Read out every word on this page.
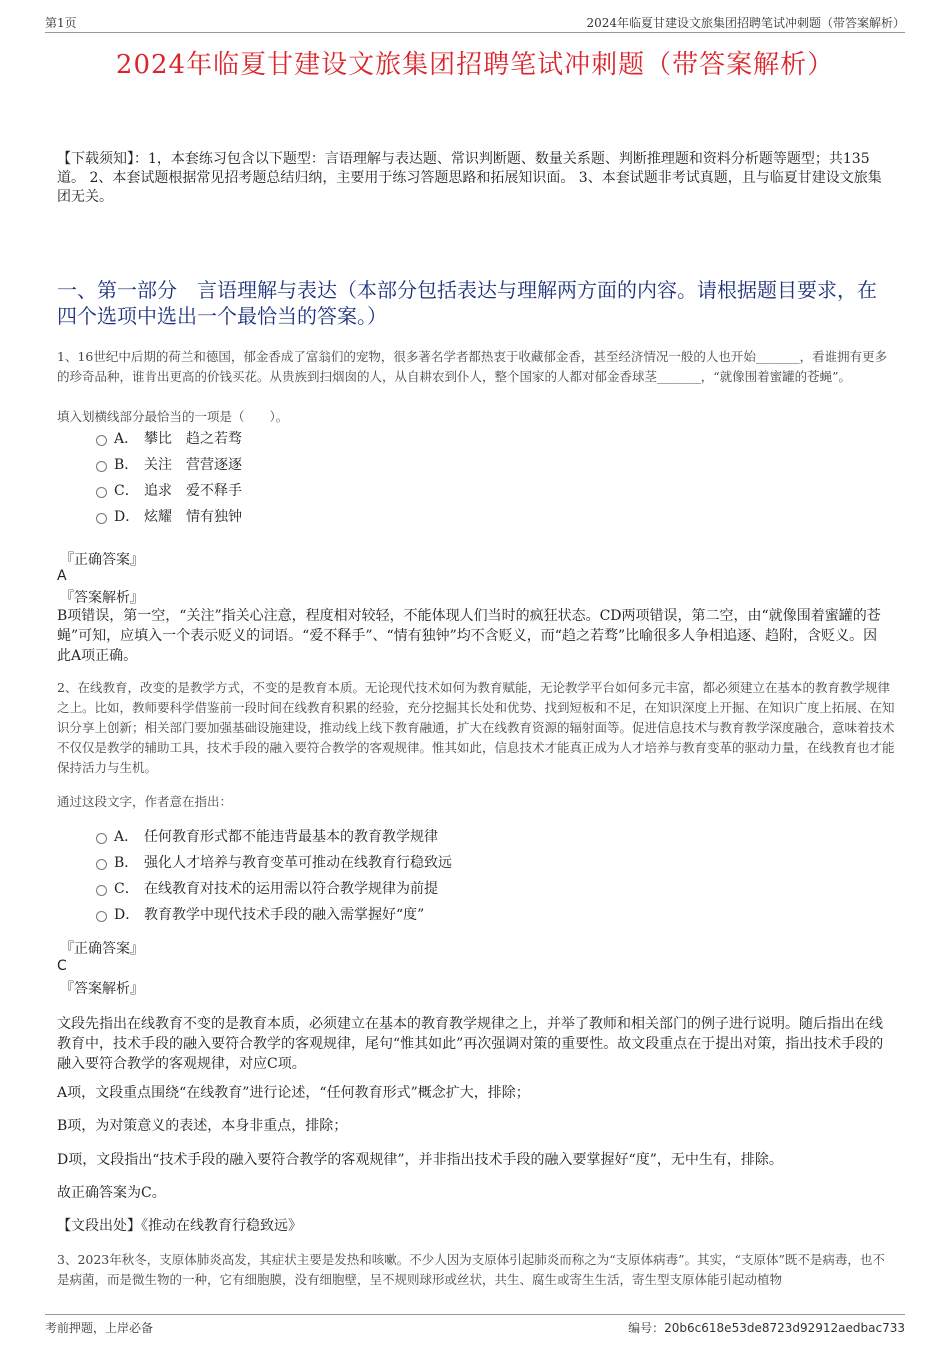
第1页	2024年临夏甘建设文旅集团招聘笔试冲刺题（带答案解析）
2024年临夏甘建设文旅集团招聘笔试冲刺题（带答案解析）
【下载须知】：1，本套练习包含以下题型：言语理解与表达题、常识判断题、数量关系题、判断推理题和资料分析题等题型；共135道。 2、本套试题根据常见招考题总结归纳，主要用于练习答题思路和拓展知识面。 3、本套试题非考试真题，且与临夏甘建设文旅集团无关。
一、第一部分　言语理解与表达（本部分包括表达与理解两方面的内容。请根据题目要求，在四个选项中选出一个最恰当的答案。）
1、16世纪中后期的荷兰和德国，郁金香成了富翁们的宠物，很多著名学者都热衷于收藏郁金香，甚至经济情况一般的人也开始_______，看谁拥有更多的珍奇品种，谁肯出更高的价钱买花。从贵族到扫烟囱的人，从自耕农到仆人，整个国家的人都对郁金香球茎_______，“就像围着蜜罐的苍蝇”。
填入划横线部分最恰当的一项是（　　）。
A． 攀比　趋之若骛
B． 关注　营营逐逐
C． 追求　爱不释手
D． 炫耀　情有独钟
『正确答案』
A
『答案解析』
B项错误，第一空，“关注”指关心注意，程度相对较轻，不能体现人们当时的疯狂状态。CD两项错误，第二空，由“就像围着蜜罐的苍蝇”可知，应填入一个表示贬义的词语。“爱不释手”、“情有独钟”均不含贬义，而“趋之若骛”比喻很多人争相追逐、趋附，含贬义。因此A项正确。
2、在线教育，改变的是教学方式，不变的是教育本质。无论现代技术如何为教育赋能，无论教学平台如何多元丰富，都必须建立在基本的教育教学规律之上。比如，教师要科学借鉴前一段时间在线教育积累的经验，充分挖掘其长处和优势、找到短板和不足，在知识深度上开掘、在知识广度上拓展、在知识分享上创新；相关部门要加强基础设施建设，推动线上线下教育融通，扩大在线教育资源的辐射面等。促进信息技术与教育教学深度融合，意味着技术不仅仅是教学的辅助工具，技术手段的融入要符合教学的客观规律。惟其如此，信息技术才能真正成为人才培养与教育变革的驱动力量，在线教育也才能保持活力与生机。
通过这段文字，作者意在指出：
A． 任何教育形式都不能违背最基本的教育教学规律
B． 强化人才培养与教育变革可推动在线教育行稳致远
C． 在线教育对技术的运用需以符合教学规律为前提
D． 教育教学中现代技术手段的融入需掌握好“度”
『正确答案』
C
『答案解析』
文段先指出在线教育不变的是教育本质，必须建立在基本的教育教学规律之上，并举了教师和相关部门的例子进行说明。随后指出在线教育中，技术手段的融入要符合教学的客观规律，尾句“惟其如此”再次强调对策的重要性。故文段重点在于提出对策，指出技术手段的融入要符合教学的客观规律，对应C项。
A项，文段重点围绕“在线教育”进行论述，“任何教育形式”概念扩大，排除；
B项，为对策意义的表述，本身非重点，排除；
D项，文段指出“技术手段的融入要符合教学的客观规律”，并非指出技术手段的融入要掌握好“度”，无中生有，排除。
故正确答案为C。
【文段出处】《推动在线教育行稳致远》
3、2023年秋冬，支原体肺炎高发，其症状主要是发热和咳嗽。不少人因为支原体引起肺炎而称之为“支原体病毒”。其实，“支原体”既不是病毒，也不是病菌，而是微生物的一种，它有细胞膜，没有细胞壁，呈不规则球形或丝状，共生、腐生或寄生生活，寄生型支原体能引起动植物
考前押题，上岸必备	编号：20b6c618e53de8723d92912aedbac733
